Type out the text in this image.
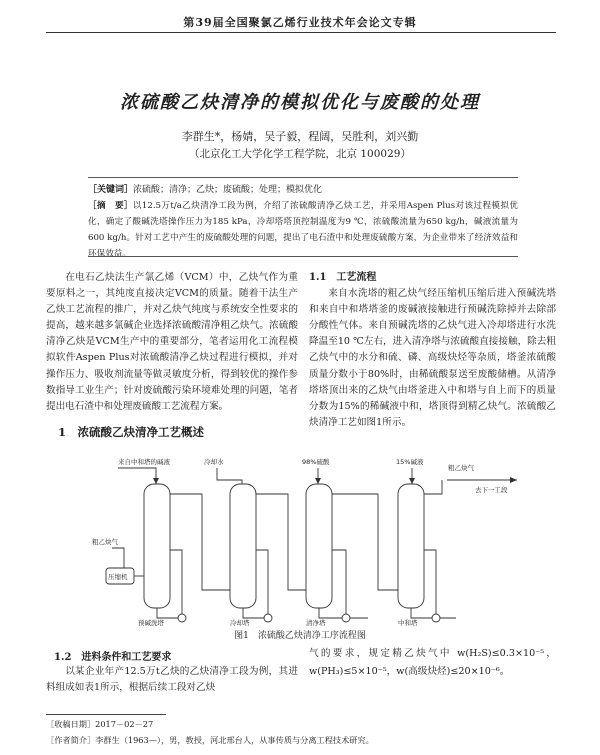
第39届全国聚氯乙烯行业技术年会论文专辑
浓硫酸乙炔清净的模拟优化与废酸的处理
李群生*，杨婧，吴子毅，程阔，吴胜利，刘兴勤
（北京化工大学化学工程学院，北京 100029）
［关键词］浓硫酸；清净；乙炔；废硫酸；处理；模拟优化
［摘　要］以12.5万t/a乙炔清净工段为例，介绍了浓硫酸清净乙炔工艺，并采用Aspen Plus对该过程模拟优化，确定了酸碱洗塔操作压力为185 kPa，冷却塔塔顶控制温度为9 ℃，浓硫酸流量为650 kg/h，碱液流量为600 kg/h。针对工艺中产生的废硫酸处理的问题，提出了电石渣中和处理废硫酸方案，为企业带来了经济效益和环保效益。
在电石乙炔法生产氯乙烯（VCM）中，乙炔气作为重要原料之一，其纯度直接决定VCM的质量。随着干法生产乙炔工艺流程的推广，并对乙炔气纯度与系统安全性要求的提高，越来越多氯碱企业选择浓硫酸清净粗乙炔气。浓硫酸清净乙炔是VCM生产中的重要部分，笔者运用化工流程模拟软件Aspen Plus对浓硫酸清净乙炔过程进行模拟，并对操作压力、吸收剂流量等做灵敏度分析，得到较优的操作参数指导工业生产；针对废硫酸污染环境难处理的问题，笔者提出电石渣中和处理废硫酸工艺流程方案。

1.1　工艺流程

来自水洗塔的粗乙炔气经压缩机压缩后进入预碱洗塔和来自中和塔塔釜的废碱液接触进行预碱洗除掉并去除部分酸性气体。来自预碱洗塔的乙炔气进入冷却塔进行水洗降温至10 ℃左右，进入清净塔与浓硫酸直接接触，除去粗乙炔气中的水分和硫、磷、高级炔烃等杂质，塔釜浓硫酸质量分数小于80%时，由稀硫酸泵送至废酸储槽。从清净塔塔顶出来的乙炔气由塔釜进入中和塔与自上而下的质量分数为15%的稀碱液中和，塔顶得到精乙炔气。浓硫酸乙炔清净工艺如图1所示。

1　浓硫酸乙炔清净工艺概述
来自中和塔的碱液	冷却水	98%硫酸	15%碱液
粗乙炔气
去下一工段
粗乙炔气
压缩机
预碱洗塔	冷却塔	清净塔	中和塔
图1　浓硫酸乙炔清净工序流程图
1.2　进料条件和工艺要求
以某企业年产12.5万t乙炔的乙炔清净工段为例，其进料组成如表1所示，根据后续工段对乙炔
气的要求，规定精乙炔气中 w(H₂S)≤0.3×10⁻⁵，w(PH₃)≤5×10⁻⁵，w(高级炔烃)≤20×10⁻⁶。
［收稿日期］2017－02－27
［作者简介］李群生（1963—），男，教授，河北邢台人，从事传质与分离工程技术研究。
